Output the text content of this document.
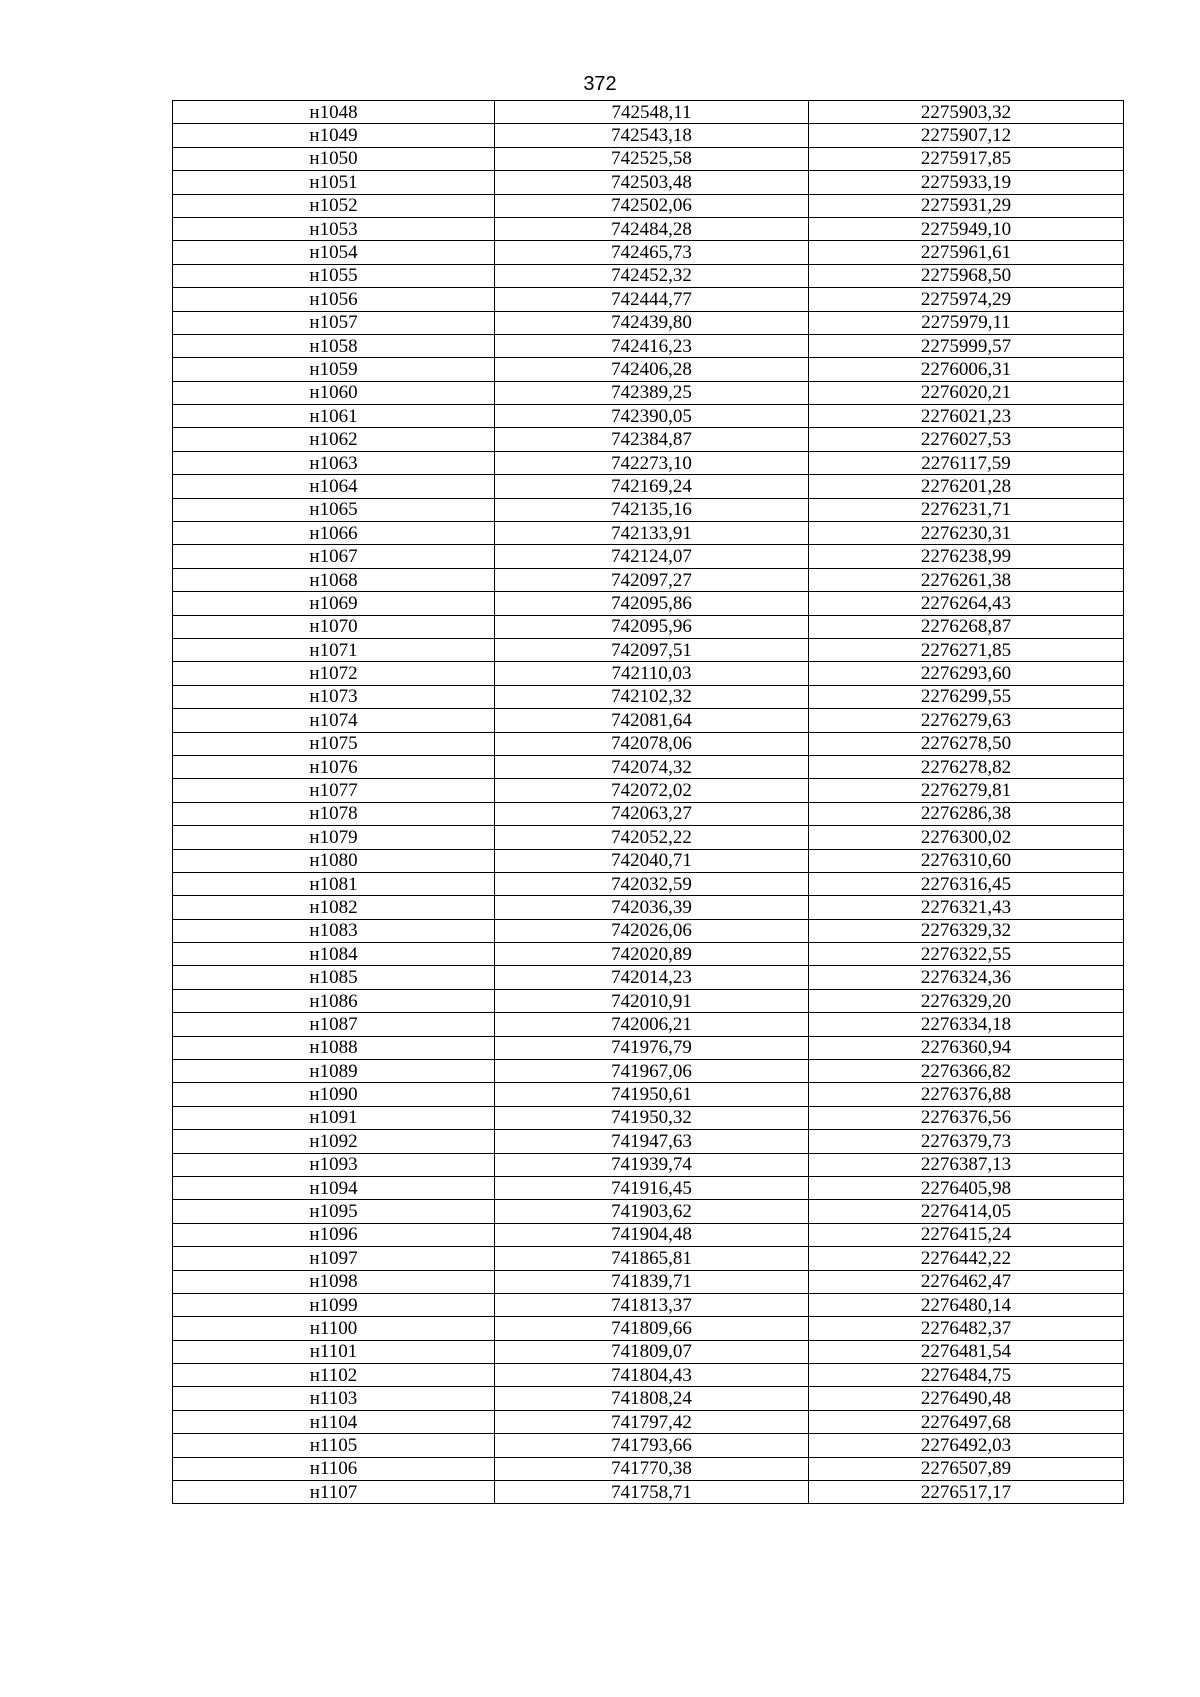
372
н1048	742548,11	2275903,32
н1049	742543,18	2275907,12
н1050	742525,58	2275917,85
н1051	742503,48	2275933,19
н1052	742502,06	2275931,29
н1053	742484,28	2275949,10
н1054	742465,73	2275961,61
н1055	742452,32	2275968,50
н1056	742444,77	2275974,29
н1057	742439,80	2275979,11
н1058	742416,23	2275999,57
н1059	742406,28	2276006,31
н1060	742389,25	2276020,21
н1061	742390,05	2276021,23
н1062	742384,87	2276027,53
н1063	742273,10	2276117,59
н1064	742169,24	2276201,28
н1065	742135,16	2276231,71
н1066	742133,91	2276230,31
н1067	742124,07	2276238,99
н1068	742097,27	2276261,38
н1069	742095,86	2276264,43
н1070	742095,96	2276268,87
н1071	742097,51	2276271,85
н1072	742110,03	2276293,60
н1073	742102,32	2276299,55
н1074	742081,64	2276279,63
н1075	742078,06	2276278,50
н1076	742074,32	2276278,82
н1077	742072,02	2276279,81
н1078	742063,27	2276286,38
н1079	742052,22	2276300,02
н1080	742040,71	2276310,60
н1081	742032,59	2276316,45
н1082	742036,39	2276321,43
н1083	742026,06	2276329,32
н1084	742020,89	2276322,55
н1085	742014,23	2276324,36
н1086	742010,91	2276329,20
н1087	742006,21	2276334,18
н1088	741976,79	2276360,94
н1089	741967,06	2276366,82
н1090	741950,61	2276376,88
н1091	741950,32	2276376,56
н1092	741947,63	2276379,73
н1093	741939,74	2276387,13
н1094	741916,45	2276405,98
н1095	741903,62	2276414,05
н1096	741904,48	2276415,24
н1097	741865,81	2276442,22
н1098	741839,71	2276462,47
н1099	741813,37	2276480,14
н1100	741809,66	2276482,37
н1101	741809,07	2276481,54
н1102	741804,43	2276484,75
н1103	741808,24	2276490,48
н1104	741797,42	2276497,68
н1105	741793,66	2276492,03
н1106	741770,38	2276507,89
н1107	741758,71	2276517,17
